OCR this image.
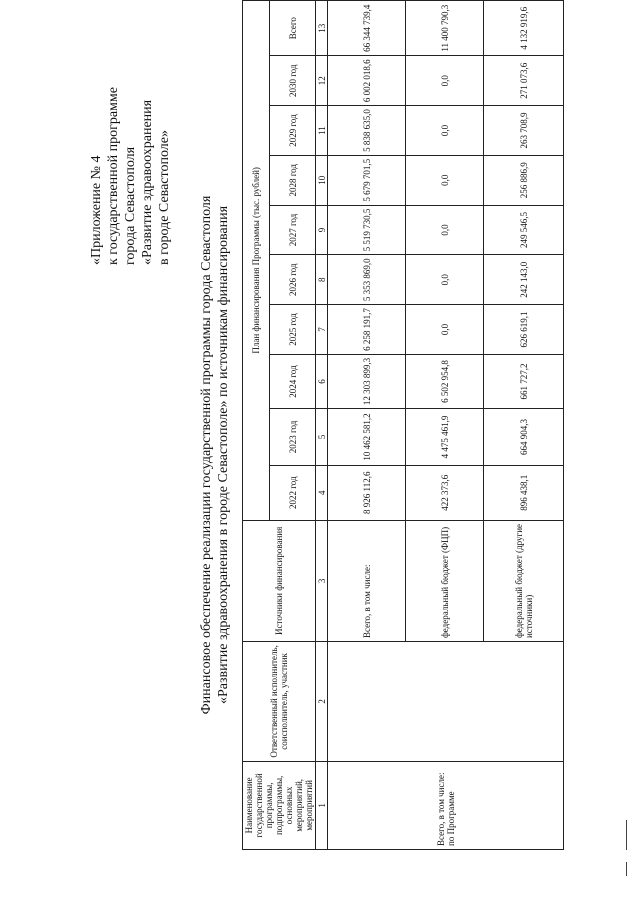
«Приложение № 4 к государственной программе города Севастополя «Развитие здравоохранения в городе Севастополе» Финансовое обеспечение реализации государственной программы города Севастополя «Развитие здравоохранения в городе Севастополе» по источникам финансирования
Наименование государственной программы, подпрограммы, основных мероприятий, мероприятий	Ответственный исполнитель, соисполнитель, участник	Источники финансирования	План финансирования Программы (тыс. рублей)									
			2022 год	2023 год	2024 год	2025 год	2026 год	2027 год	2028 год	2029 год	2030 год	Всего
1	2	3	4	5	6	7	8	9	10	11	12	13
Всего, в том числе: по Программе		Всего, в том числе:	8 926 112,6	10 462 581,2	12 303 899,3	6 258 191,7	5 353 869,0	5 519 730,5	5 679 701,5	5 838 635,0	6 002 018,6	66 344 739,4
		федеральный бюджет (ФЦП)	422 373,6	4 475 461,9	6 502 954,8	0,0	0,0	0,0	0,0	0,0	0,0	11 400 790,3
		федеральный бюджет (другие источники)	896 438,1	664 904,3	661 727,2	626 619,1	242 143,0	249 546,5	256 886,9	263 708,9	271 073,6	4 132 919,6
